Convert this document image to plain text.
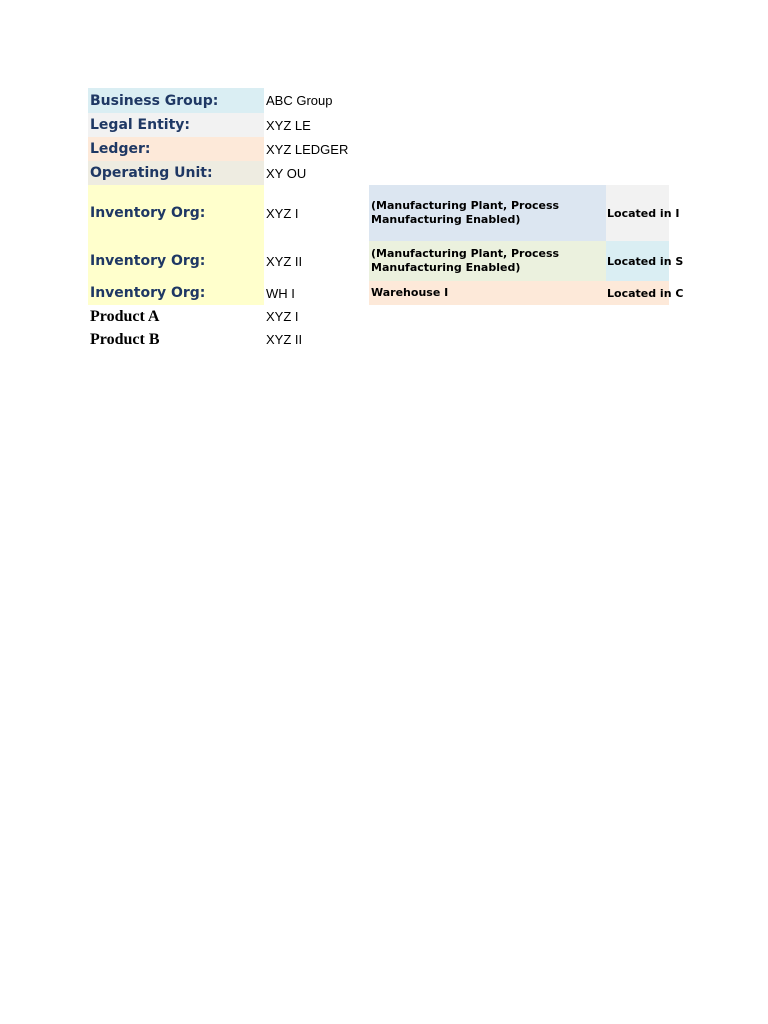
Business Group:	ABC Group
Legal Entity:	XYZ LE
Ledger:	XYZ LEDGER
Operating Unit:	XY OU
Inventory Org:	XYZ I	(Manufacturing Plant, Process Manufacturing Enabled)	Located in I
Inventory Org:	XYZ II	(Manufacturing Plant, Process Manufacturing Enabled)	Located in S
Inventory Org:	WH I	Warehouse I	Located in C
Product A	XYZ I
Product B	XYZ II
